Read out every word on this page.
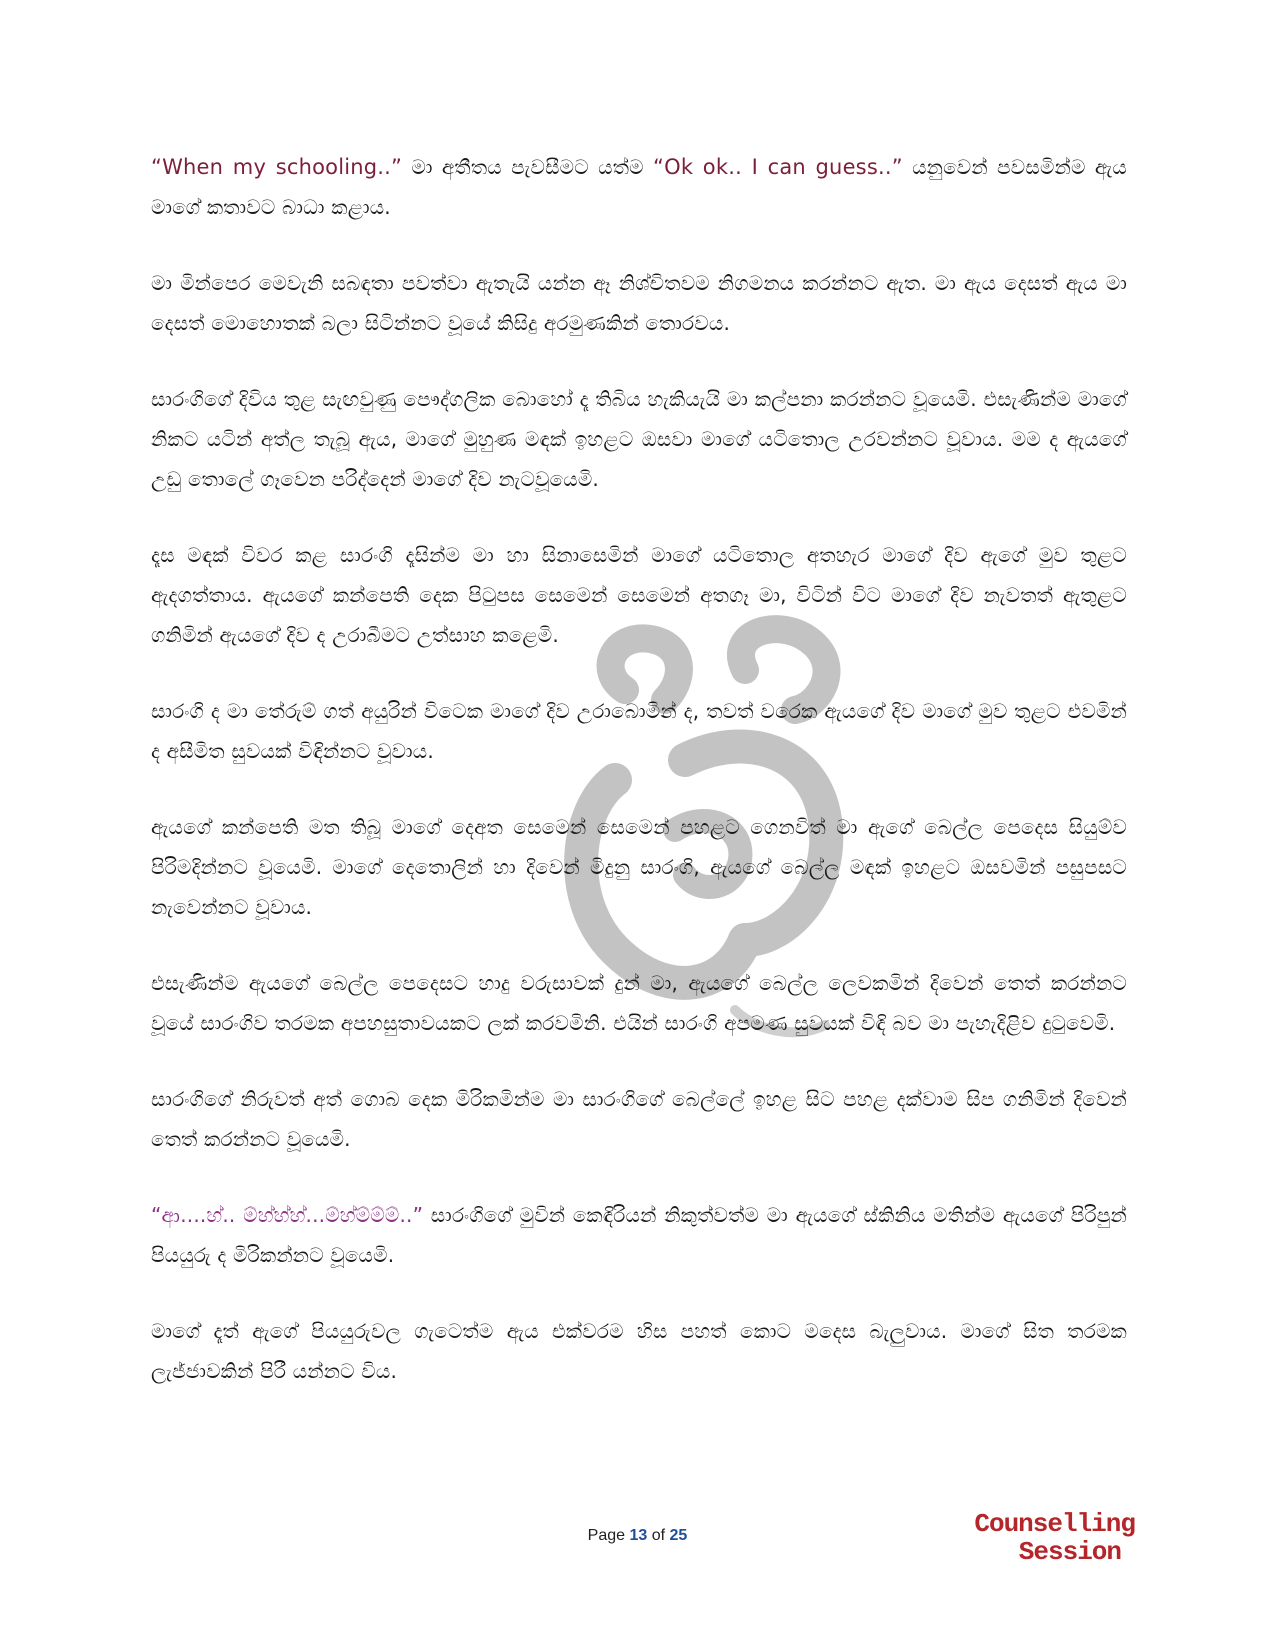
“When my schooling..” මා අතීතය පැවසීමට යත්ම “Ok ok.. I can guess..” යනුවෙන් පවසමින්ම ඇය මාගේ කතාවට බාධා කළාය.

මා මින්පෙර මෙවැනි සබඳතා පවත්වා ඇතැයි යන්න ඈ නිශ්චිතවම නිගමනය කරන්නට ඇත. මා ඇය දෙසත් ඇය මා දෙසත් මොහොතක් බලා සිටින්නට වූයේ කිසිදු අරමුණකින් තොරවය.

සාරංගිගේ දිවිය තුළ සැඟවුණු පෞද්ගලික බොහෝ දෑ තිබිය හැකියැයි මා කල්පනා කරන්නට වූයෙමි. එසැණින්ම මාගේ නිකට යටින් අත්ල තැබූ ඇය, මාගේ මුහුණ මඳක් ඉහළට ඔසවා මාගේ යටිතොල උරවන්නට වූවාය. මම ද ඇයගේ උඩු තොලේ ගෑවෙන පරිද්දෙන් මාගේ දිව නැටවූයෙමි.

දෑස මඳක් විවර කළ සාරංගි දෑසින්ම මා හා සිනාසෙමින් මාගේ යටිතොල අතහැර මාගේ දිව ඇගේ මුව තුළට ඇදගත්තාය. ඇයගේ කන්පෙති දෙක පිටුපස සෙමෙන් සෙමෙන් අතගෑ මා, විටින් විට මාගේ දිව නැවතත් ඇතුළට ගනිමින් ඇයගේ දිව ද උරාබීමට උත්සාහ කළෙමි.

සාරංගි ද මා තේරුම් ගත් අයුරින් විටෙක මාගේ දිව උරාබොමින් ද, තවත් වරෙක ඇයගේ දිව මාගේ මුව තුළට එවමින් ද අසීමිත සුවයක් විඳින්නට වූවාය.

ඇයගේ කන්පෙති මත තිබූ මාගේ දෙඅත සෙමෙන් සෙමෙන් පහළට ගෙනවිත් මා ඇගේ බෙල්ල පෙදෙස සියුම්ව පිරිමදින්නට වූයෙමි. මාගේ දෙතොලින් හා දිවෙන් මිදුනු සාරංගි, ඇයගේ බෙල්ල මඳක් ඉහළට ඔසවමින් පසුපසට නැවෙන්නට වූවාය.

එසැණින්ම ඇයගේ බෙල්ල පෙදෙසට හාදු වරුසාවක් දුන් මා, ඇයගේ බෙල්ල ලෙවකමින් දිවෙන් තෙත් කරන්නට වූයේ සාරංගිව තරමක අපහසුතාවයකට ලක් කරවමිනි. එයින් සාරංගි අපමණ සුවයක් විඳි බව මා පැහැදිළිව දුටුවෙමි.

සාරංගිගේ නිරුවත් අත් ගොබ දෙක මිරිකමින්ම මා සාරංගිගේ බෙල්ලේ ඉහළ සිට පහළ දක්වාම සිප ගනිමින් දිවෙන් තෙත් කරන්නට වූයෙමි.

“ආ....හ්.. ම්හ්හ්හ්...ම්හ්ම්ම්ම්..” සාරංගිගේ මුවින් කෙඳිරියන් නිකුත්වත්ම මා ඇයගේ ස්කිනිය මතින්ම ඇයගේ පිරිපුන් පියයුරු ද මිරිකන්නට වූයෙමි.

මාගේ දෑත් ඇගේ පියයුරුවල ගැටෙත්ම ඇය එක්වරම හිස පහත් කොට මදෙස බැලුවාය. මාගේ සිත තරමක ලැජ්ජාවකින් පිරී යන්නට විය.

Page 13 of 25	Counselling
Session
